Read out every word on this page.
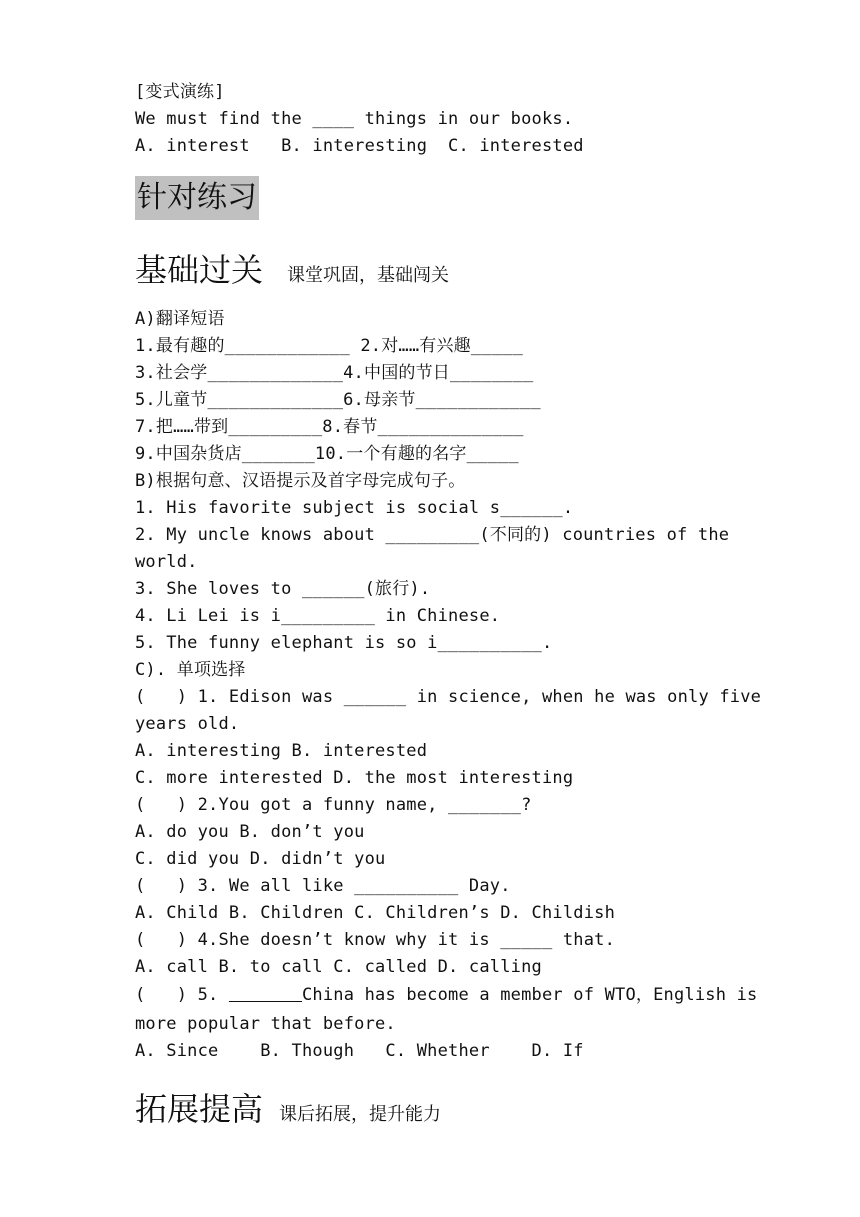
[变式演练]
We must find the ____ things in our books.
A. interest   B. interesting  C. interested
针对练习
基础过关 课堂巩固，基础闯关
A)翻译短语
1.最有趣的____________ 2.对……有兴趣_____
3.社会学_____________4.中国的节日________
5.儿童节_____________6.母亲节____________
7.把……带到_________8.春节______________
9.中国杂货店_______10.一个有趣的名字_____
B)根据句意、汉语提示及首字母完成句子。
1. His favorite subject is social s______.
2. My uncle knows about _________(不同的) countries of the
world.
3. She loves to ______(旅行).
4. Li Lei is i_________ in Chinese.
5. The funny elephant is so i__________.
C). 单项选择
(   ) 1. Edison was ______ in science, when he was only five
years old.
A. interesting B. interested
C. more interested D. the most interesting
(   ) 2.You got a funny name, _______?
A. do you B. don’t you
C. did you D. didn’t you
(   ) 3. We all like __________ Day.
A. Child B. Children C. Children’s D. Childish
(   ) 4.She doesn’t know why it is _____ that.
A. call B. to call C. called D. calling
(   ) 5.	China has become a member of WTO，English is
more popular that before.
A. Since    B. Though   C. Whether    D. If
拓展提高 课后拓展，提升能力
